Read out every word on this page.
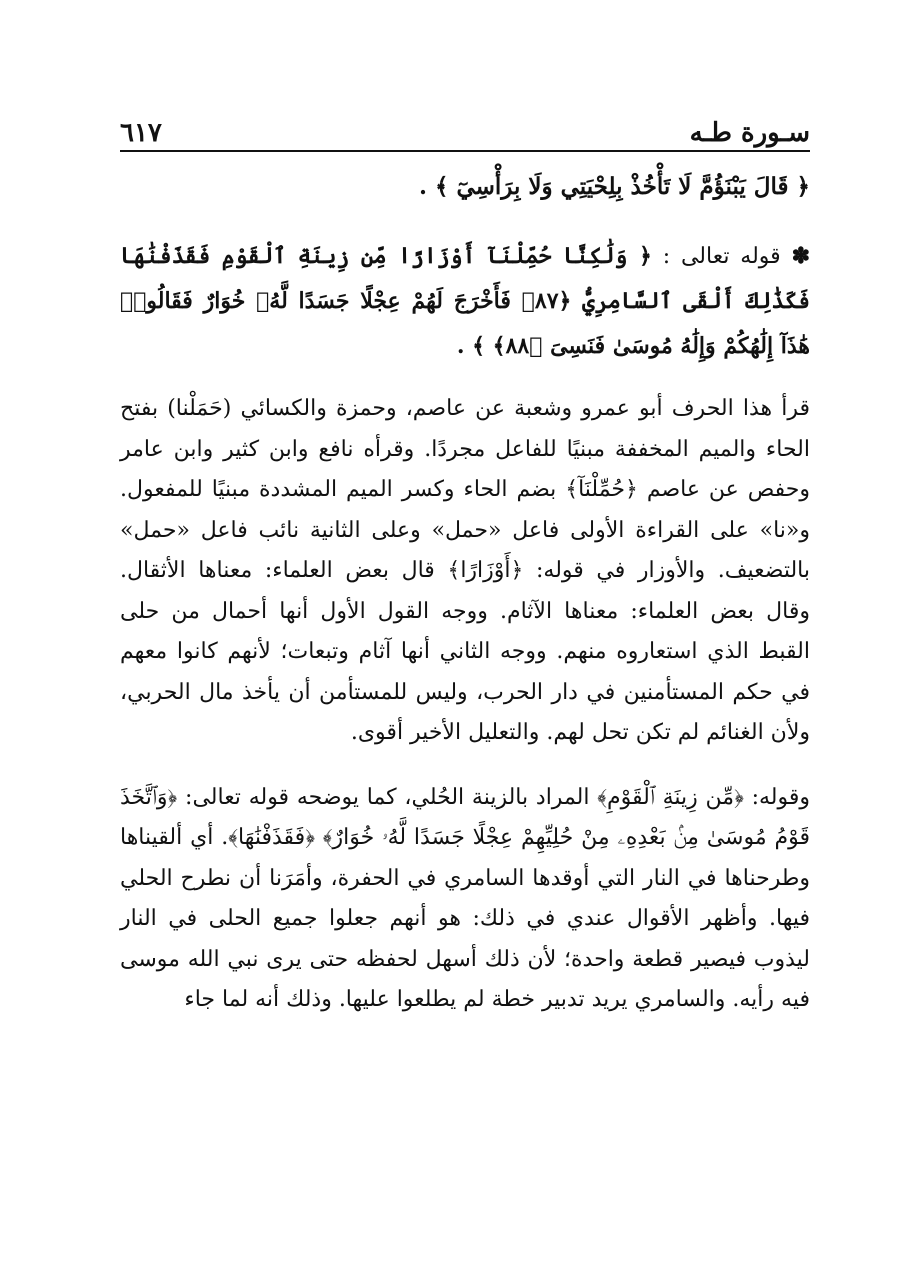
٦١٧	سـورة طـه
﴿ قَالَ يَبْنَؤُمَّ لَا تَأْخُذْ بِلِحْيَتِي وَلَا بِرَأْسِيٓ ﴾ .

✽ قوله تعالى : ﴿ وَلَٰكِنَّا حُمِّلْنَآ أَوْزَارًا مِّن زِينَةِ ٱلْقَوْمِ فَقَذَفْنَٰهَا فَكَذَٰلِكَ أَلْقَى ٱلسَّامِرِيُّ ﴿٨٧﴾ فَأَخْرَجَ لَهُمْ عِجْلًا جَسَدًا لَّهُۥ خُوَارٌ فَقَالُوا۟ هَٰذَآ إِلَٰهُكُمْ وَإِلَٰهُ مُوسَىٰ فَنَسِىَ ﴿٨٨﴾ ﴾ .

قرأ هذا الحرف أبو عمرو وشعبة عن عاصم، وحمزة والكسائي (حَمَلْنا) بفتح الحاء والميم المخففة مبنيًا للفاعل مجردًا. وقرأه نافع وابن كثير وابن عامر وحفص عن عاصم ﴿حُمِّلْنَآ﴾ بضم الحاء وكسر الميم المشددة مبنيًا للمفعول. و«نا» على القراءة الأولى فاعل «حمل» وعلى الثانية نائب فاعل «حمل» بالتضعيف. والأوزار في قوله: ﴿أَوْزَارًا﴾ قال بعض العلماء: معناها الأثقال. وقال بعض العلماء: معناها الآثام. ووجه القول الأول أنها أحمال من حلى القبط الذي استعاروه منهم. ووجه الثاني أنها آثام وتبعات؛ لأنهم كانوا معهم في حكم المستأمنين في دار الحرب، وليس للمستأمن أن يأخذ مال الحربي، ولأن الغنائم لم تكن تحل لهم. والتعليل الأخير أقوى.

وقوله: ﴿مِّن زِينَةِ ٱلْقَوْمِ﴾ المراد بالزينة الحُلي، كما يوضحه قوله تعالى: ﴿وَٱتَّخَذَ قَوْمُ مُوسَىٰ مِنۢ بَعْدِهِۦ مِنْ حُلِيِّهِمْ عِجْلًا جَسَدًا لَّهُۥ خُوَارٌ﴾ ﴿فَقَذَفْنَٰهَا﴾. أي ألقيناها وطرحناها في النار التي أوقدها السامري في الحفرة، وأمَرَنا أن نطرح الحلي فيها. وأظهر الأقوال عندي في ذلك: هو أنهم جعلوا جميع الحلى في النار ليذوب فيصير قطعة واحدة؛ لأن ذلك أسهل لحفظه حتى يرى نبي الله موسى فيه رأيه. والسامري يريد تدبير خطة لم يطلعوا عليها. وذلك أنه لما جاء
